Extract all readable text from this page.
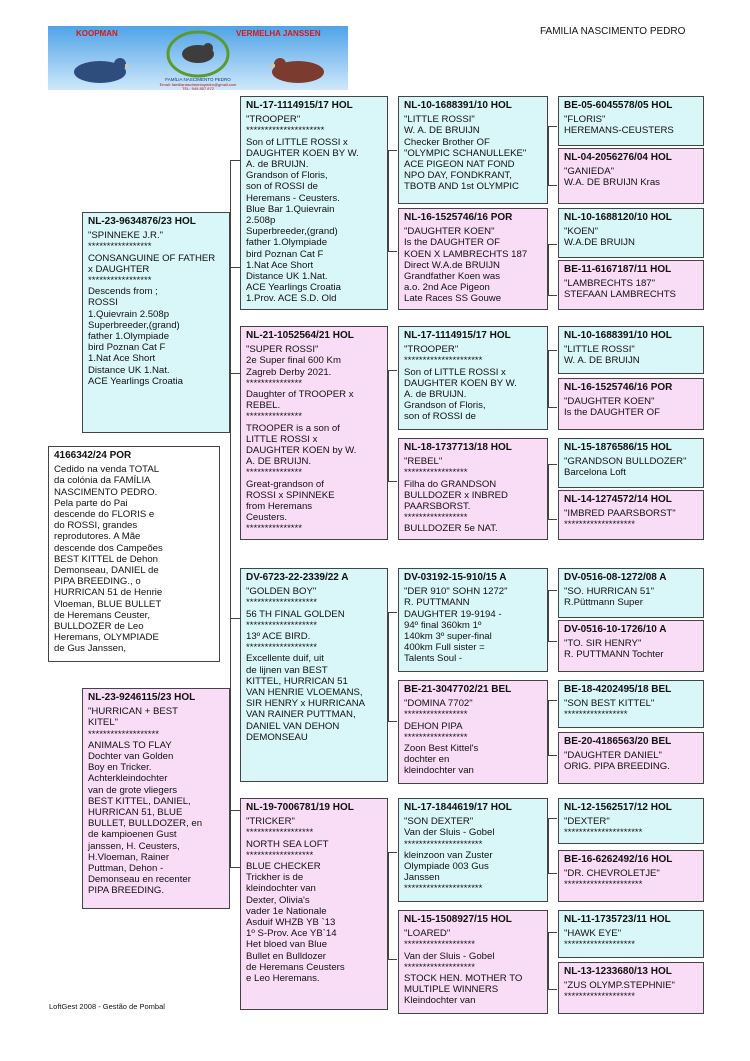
KOOPMAN	VERMELHA JANSSEN
FAMÍLIA NASCIMENTO PEDRO
Email: familianascimentopedro@gmail.com
TEL: 949 857 872
FAMILIA NASCIMENTO PEDRO
4166342/24 POR
Cedido na venda TOTAL
da colónia da FAMÍLIA
NASCIMENTO PEDRO.
Pela parte do Pai
descende do FLORIS e
do ROSSI, grandes
reprodutores. A Mãe
descende dos Campeões
BEST KITTEL de Dehon
Demonseau, DANIEL de
PIPA BREEDING., o
HURRICAN 51 de Henrie
Vloeman, BLUE BULLET
de Heremans Ceuster,
BULLDOZER de Leo
Heremans, OLYMPIADE
de Gus Janssen,
NL-23-9634876/23 HOL
"SPINNEKE J.R."
*****************
CONSANGUINE OF FATHER
x DAUGHTER
*****************
Descends from ;
ROSSI
1.Quievrain 2.508p
Superbreeder,(grand)
father 1.Olympiade
bird Poznan Cat F
1.Nat Ace Short
Distance UK 1.Nat.
ACE Yearlings Croatia
NL-23-9246115/23 HOL
"HURRICAN + BEST
KITEL"
*******************
ANIMALS TO FLAY
Dochter van Golden
Boy en Tricker.
Achterkleindochter
van de grote vliegers
BEST KITTEL, DANIEL,
HURRICAN 51, BLUE
BULLET, BULLDOZER, en
de kampioenen Gust
janssen, H. Ceusters,
H.Vloeman, Rainer
Puttman, Dehon -
Demonseau en recenter
PIPA BREEDING.
NL-17-1114915/17 HOL
"TROOPER"
*********************
Son of LITTLE ROSSI x
DAUGHTER KOEN BY W.
A. de BRUIJN.
Grandson of Floris,
son of ROSSI de
Heremans - Ceusters.
Blue Bar 1.Quievrain
2.508p
Superbreeder,(grand)
father 1.Olympiade
bird Poznan Cat F
1.Nat Ace Short
Distance UK 1.Nat.
ACE Yearlings Croatia
1.Prov. ACE S.D. Old
NL-21-1052564/21 HOL
"SUPER ROSSI"
2e Super final 600 Km
Zagreb Derby 2021.
***************
Daughter of TROOPER x
REBEL.
***************
TROOPER is a son of
LITTLE ROSSI x
DAUGHTER KOEN by W.
A. DE BRUIJN.
***************
Great-grandson of
ROSSI x SPINNEKE
from Heremans
Ceusters.
***************
DV-6723-22-2339/22 A
"GOLDEN BOY"
*******************
56 TH FINAL GOLDEN
*******************
13º ACE BIRD.
*******************
Excellente duif, uit
de lijnen van BEST
KITTEL, HURRICAN 51
VAN HENRIE VLOEMANS,
SIR HENRY x HURRICANA
VAN RAINER PUTTMAN,
DANIEL VAN DEHON
DEMONSEAU
NL-19-7006781/19 HOL
"TRICKER"
******************
NORTH SEA LOFT
******************
BLUE CHECKER
Trickher is de
kleindochter van
Dexter, Olivia's
vader 1e Nationale
Asduif WHZB YB `13
1º S-Prov. Ace YB`14
Het bloed van Blue
Bullet en Bulldozer
de Heremans Ceusters
e Leo Heremans.
NL-10-1688391/10 HOL
"LITTLE ROSSI"
W. A. DE BRUIJN
Checker Brother OF
"OLYMPIC SCHANULLEKE"
ACE PIGEON NAT FOND
NPO DAY, FONDKRANT,
TBOTB AND 1st OLYMPIC
NL-16-1525746/16 POR
"DAUGHTER KOEN"
Is the DAUGHTER OF
KOEN X LAMBRECHTS 187
Direct W.A.de BRUIJN
Grandfather Koen was
a.o. 2nd Ace Pigeon
Late Races SS Gouwe
NL-17-1114915/17 HOL
"TROOPER"
*********************
Son of LITTLE ROSSI x
DAUGHTER KOEN BY W.
A. de BRUIJN.
Grandson of Floris,
son of ROSSI de
NL-18-1737713/18 HOL
"REBEL"
*****************
Filha do GRANDSON
BULLDOZER x INBRED
PAARSBORST.
*****************
BULLDOZER 5e NAT.
DV-03192-15-910/15 A
"DER 910" SOHN 1272"
R. PUTTMANN
DAUGHTER 19-9194 -
94º final 360km 1º
140km 3º super-final
400km Full sister =
Talents Soul -
BE-21-3047702/21 BEL
"DOMINA 7702"
*****************
DEHON PIPA
*****************
Zoon Best Kittel's
dochter en
kleindochter van
NL-17-1844619/17 HOL
"SON DEXTER"
Van der Sluis - Gobel
*********************
kleinzoon van Zuster
Olympiade 003 Gus
Janssen
*********************
NL-15-1508927/15 HOL
"LOARED"
*******************
Van der Sluis - Gobel
*******************
STOCK HEN. MOTHER TO
MULTIPLE WINNERS
Kleindochter van
BE-05-6045578/05 HOL
"FLORIS"
HEREMANS-CEUSTERS
NL-04-2056276/04 HOL
"GANIEDA"
W.A. DE BRUIJN Kras
NL-10-1688120/10 HOL
"KOEN"
W.A.DE BRUIJN
BE-11-6167187/11 HOL
"LAMBRECHTS 187"
STEFAAN LAMBRECHTS
NL-10-1688391/10 HOL
"LITTLE ROSSI"
W. A. DE BRUIJN
NL-16-1525746/16 POR
"DAUGHTER KOEN"
Is the DAUGHTER OF
NL-15-1876586/15 HOL
"GRANDSON BULLDOZER"
Barcelona Loft
NL-14-1274572/14 HOL
"IMBRED PAARSBORST"
*******************
DV-0516-08-1272/08 A
"SO. HURRICAN 51"
R.Püttmann Super
DV-0516-10-1726/10 A
"TO. SIR HENRY"
R. PUTTMANN Tochter
BE-18-4202495/18 BEL
"SON BEST KITTEL"
*****************
BE-20-4186563/20 BEL
"DAUGHTER DANIEL"
ORIG. PIPA BREEDING.
NL-12-1562517/12 HOL
"DEXTER"
*********************
BE-16-6262492/16 HOL
"DR. CHEVROLETJE"
*********************
NL-11-1735723/11 HOL
"HAWK EYE"
*******************
NL-13-1233680/13 HOL
"ZUS OLYMP.STEPHNIE"
*******************
LoftGest 2008 - Gestão de Pombal
